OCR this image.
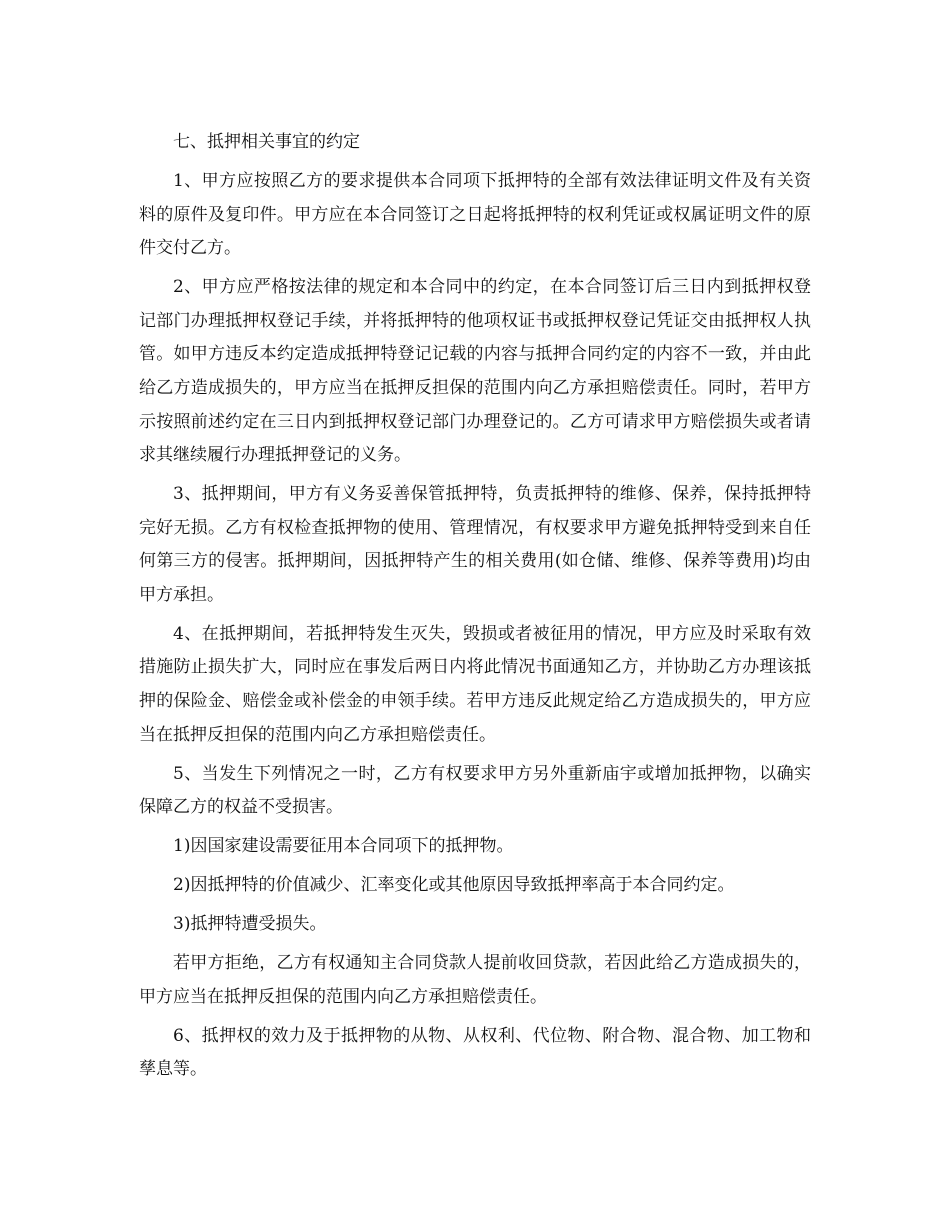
七、抵押相关事宜的约定

1、甲方应按照乙方的要求提供本合同项下抵押特的全部有效法律证明文件及有关资料的原件及复印件。甲方应在本合同签订之日起将抵押特的权利凭证或权属证明文件的原件交付乙方。

2、甲方应严格按法律的规定和本合同中的约定，在本合同签订后三日内到抵押权登记部门办理抵押权登记手续，并将抵押特的他项权证书或抵押权登记凭证交由抵押权人执管。如甲方违反本约定造成抵押特登记记载的内容与抵押合同约定的内容不一致，并由此给乙方造成损失的，甲方应当在抵押反担保的范围内向乙方承担赔偿责任。同时，若甲方示按照前述约定在三日内到抵押权登记部门办理登记的。乙方可请求甲方赔偿损失或者请求其继续履行办理抵押登记的义务。

3、抵押期间，甲方有义务妥善保管抵押特，负责抵押特的维修、保养，保持抵押特完好无损。乙方有权检查抵押物的使用、管理情况，有权要求甲方避免抵押特受到来自任何第三方的侵害。抵押期间，因抵押特产生的相关费用(如仓储、维修、保养等费用)均由甲方承担。

4、在抵押期间，若抵押特发生灭失，毁损或者被征用的情况，甲方应及时采取有效措施防止损失扩大，同时应在事发后两日内将此情况书面通知乙方，并协助乙方办理该抵押的保险金、赔偿金或补偿金的申领手续。若甲方违反此规定给乙方造成损失的，甲方应当在抵押反担保的范围内向乙方承担赔偿责任。

5、当发生下列情况之一时，乙方有权要求甲方另外重新庙宇或增加抵押物，以确实保障乙方的权益不受损害。

1)因国家建设需要征用本合同项下的抵押物。

2)因抵押特的价值减少、汇率变化或其他原因导致抵押率高于本合同约定。

3)抵押特遭受损失。

若甲方拒绝，乙方有权通知主合同贷款人提前收回贷款，若因此给乙方造成损失的，甲方应当在抵押反担保的范围内向乙方承担赔偿责任。

6、抵押权的效力及于抵押物的从物、从权利、代位物、附合物、混合物、加工物和孳息等。
